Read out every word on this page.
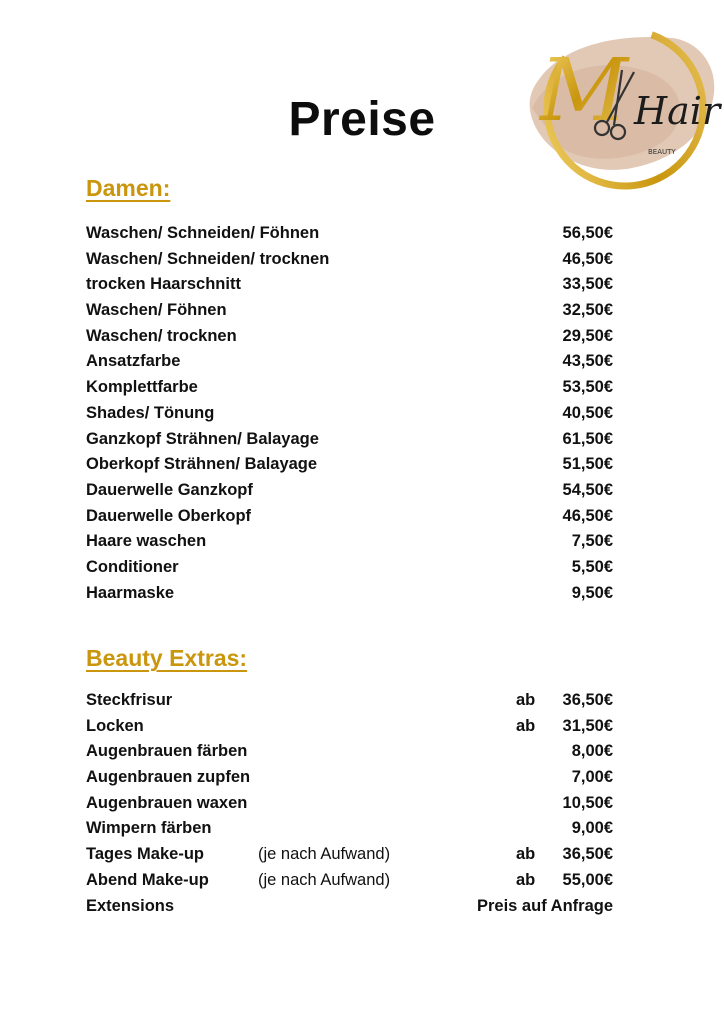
M Hair
BEAUTY
Preise
Damen:
Waschen/ Schneiden/ Föhnen	56,50€
Waschen/ Schneiden/ trocknen	46,50€
trocken Haarschnitt	33,50€
Waschen/ Föhnen	32,50€
Waschen/ trocknen	29,50€
Ansatzfarbe	43,50€
Komplettfarbe	53,50€
Shades/ Tönung	40,50€
Ganzkopf Strähnen/ Balayage	61,50€
Oberkopf Strähnen/ Balayage	51,50€
Dauerwelle Ganzkopf	54,50€
Dauerwelle Oberkopf	46,50€
Haare waschen	7,50€
Conditioner	5,50€
Haarmaske	9,50€
Beauty Extras:
Steckfrisur	ab 36,50€
Locken	ab 31,50€
Augenbrauen färben	8,00€
Augenbrauen zupfen	7,00€
Augenbrauen waxen	10,50€
Wimpern färben	9,00€
Tages Make-up	(je nach Aufwand)	ab 36,50€
Abend Make-up	(je nach Aufwand)	ab 55,00€
Extensions	Preis auf Anfrage
